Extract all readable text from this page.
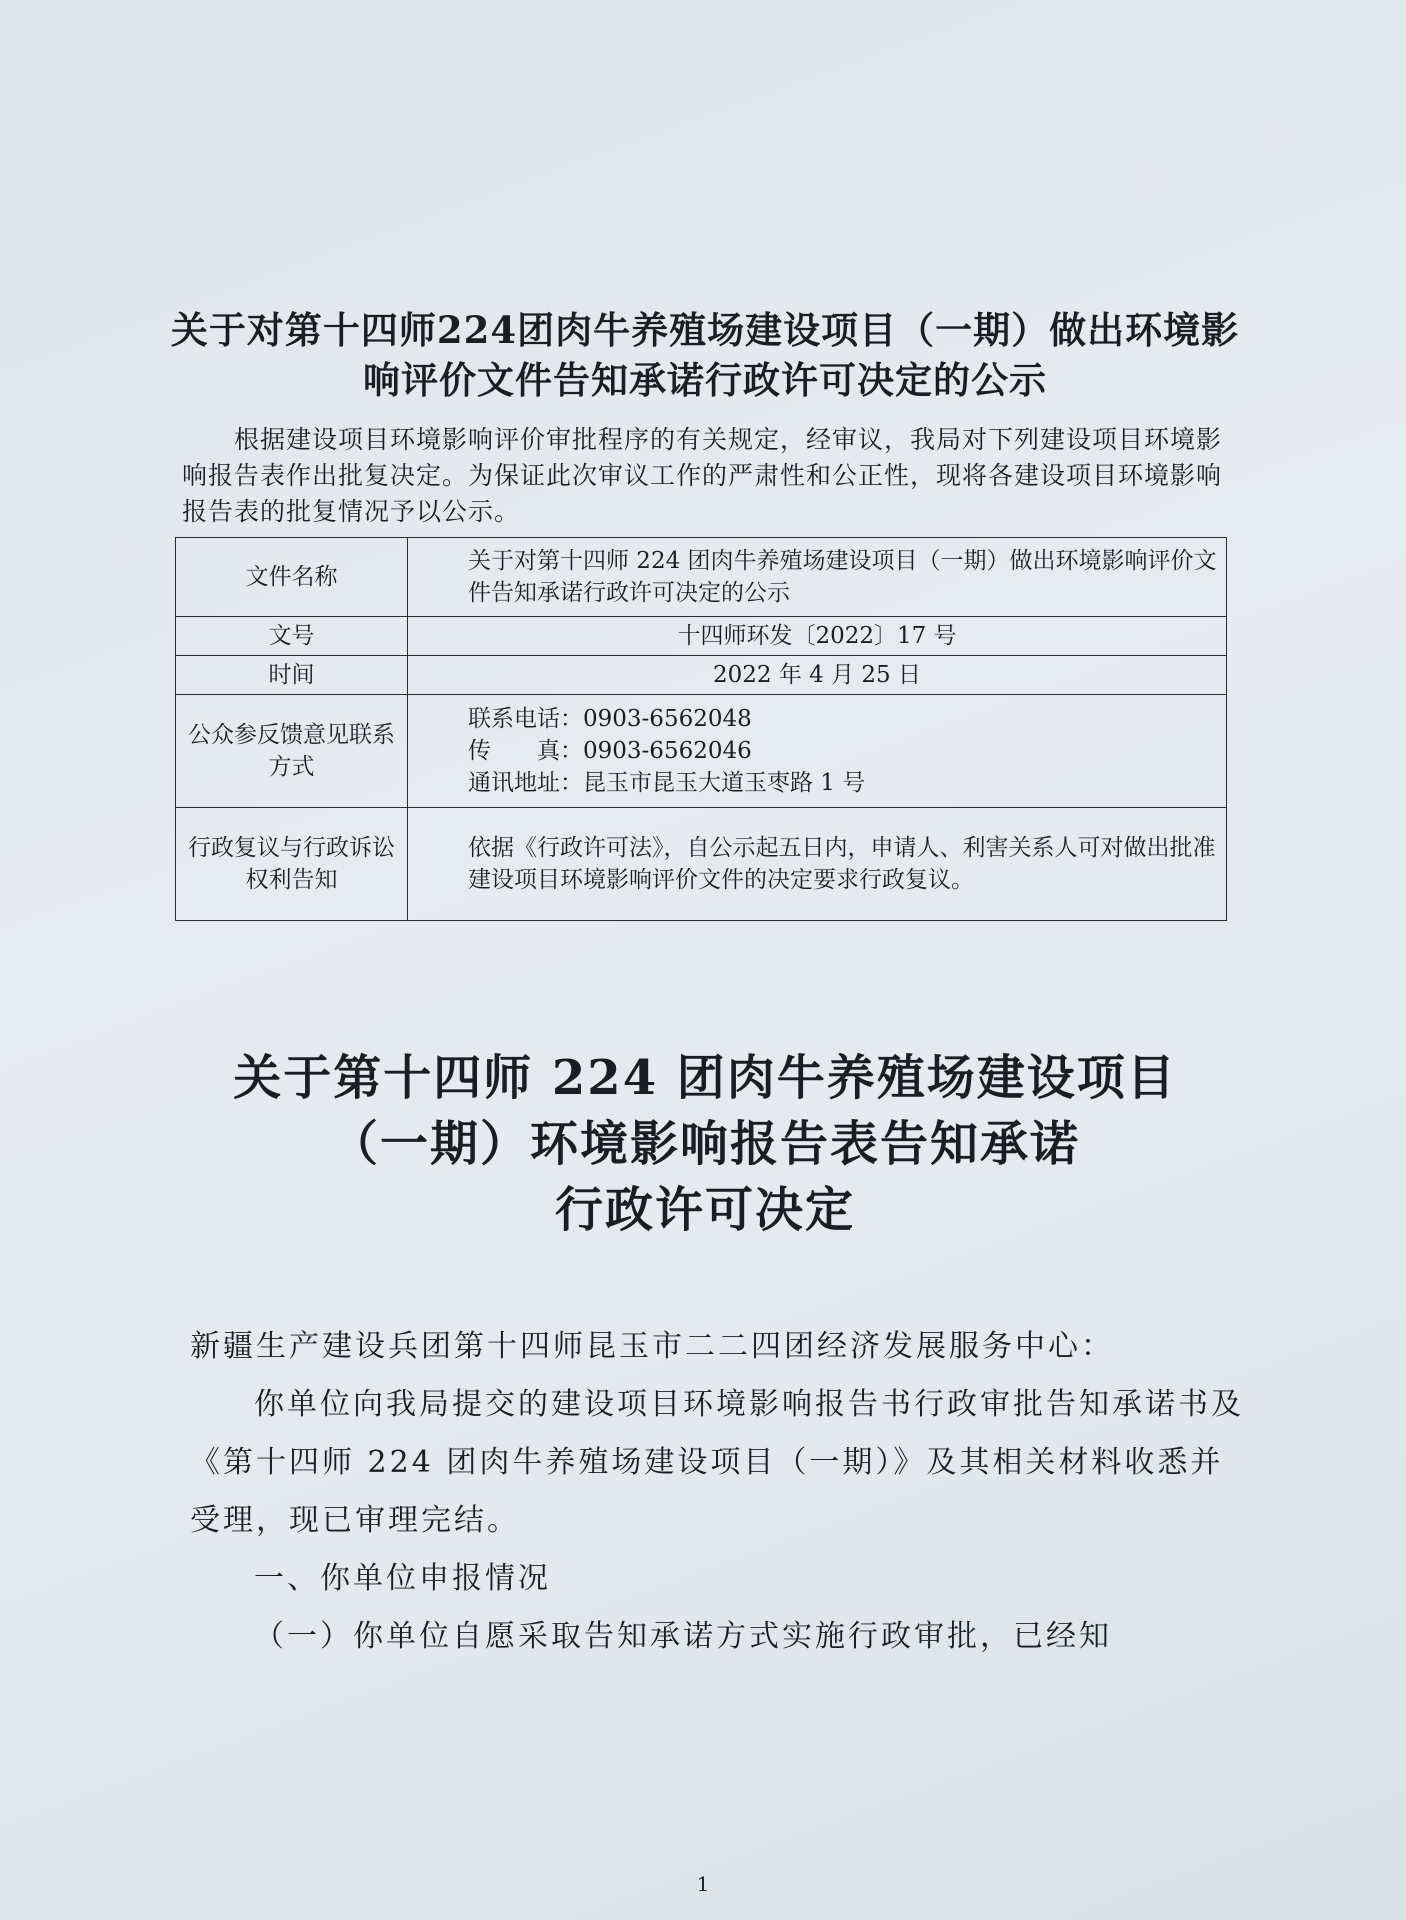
关于对第十四师224团肉牛养殖场建设项目（一期）做出环境影
响评价文件告知承诺行政许可决定的公示
根据建设项目环境影响评价审批程序的有关规定，经审议，我局对下列建设项目环境影响报告表作出批复决定。为保证此次审议工作的严肃性和公正性，现将各建设项目环境影响报告表的批复情况予以公示。
文件名称	关于对第十四师 224 团肉牛养殖场建设项目（一期）做出环境影响评价文件告知承诺行政许可决定的公示
文号	十四师环发〔2022〕17 号
时间	2022 年 4 月 25 日
公众参反馈意见联系方式	联系电话：0903-6562048
传　　真：0903-6562046
通讯地址：昆玉市昆玉大道玉枣路 1 号

行政复议与行政诉讼权利告知	依据《行政许可法》，自公示起五日内，申请人、利害关系人可对做出批准建设项目环境影响评价文件的决定要求行政复议。
关于第十四师 224 团肉牛养殖场建设项目
（一期）环境影响报告表告知承诺
行政许可决定

新疆生产建设兵团第十四师昆玉市二二四团经济发展服务中心：

你单位向我局提交的建设项目环境影响报告书行政审批告知承诺书及《第十四师 224 团肉牛养殖场建设项目（一期）》及其相关材料收悉并受理，现已审理完结。

一、你单位申报情况

（一）你单位自愿采取告知承诺方式实施行政审批，已经知

1
